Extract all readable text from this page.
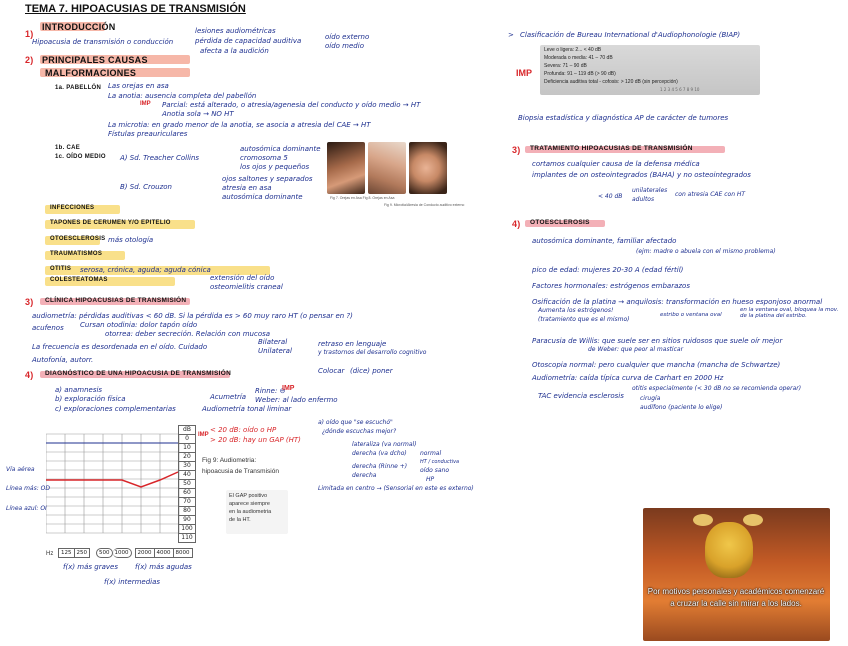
TEMA 7. HIPOACUSIAS DE TRANSMISIÓN
1)
INTRODUCCIÓN
Hipoacusia de transmisión o conducción
lesiones audiométricas
pérdida de capacidad auditiva
afecta a la audición
oído externo
oído medio
2) PRINCIPALES CAUSAS
MALFORMACIONES
1a. PABELLÓN Las orejas en asa
La anotia: ausencia completa del pabellón
IMP Parcial: está alterado, o atresia/agenesia del conducto y oído medio → HT
Anotia sola → NO HT
La microtia: en grado menor de la anotia, se asocia a atresia del CAE → HT
Fístulas preauriculares
1b. CAE
1c. OÍDO MEDIO A) Sd. Treacher Collins
autosómica dominante
cromosoma 5
los ojos y pequeños
B) Sd. Crouzon
ojos saltones y separados
atresia en asa
autosómica dominante	Fig 7. Orejas en Asa Fig 8. Orejas en Asa
Fig 9. Microtia/Atresia de Conducto auditivo externo
INFECCIONES
TAPONES DE CERUMEN Y/O EPITELIO
OTOESCLEROSIS más otología
TRAUMATISMOS
OTITIS serosa, crónica, aguda; aguda cónica
COLESTEATOMAS	extensión del oído
osteomielitis craneal
3) CLÍNICA HIPOACUSIAS DE TRANSMISIÓN
audiometría: pérdidas auditivas < 60 dB. Si la pérdida es > 60 muy raro HT (o pensar en ?)
acufenos Cursan otodinia: dolor tapón oído
otorrea: deber secreción. Relación con mucosa
La frecuencia es desordenada en el oído. Cuidado
Autofonía, autorr.
Bilateral
Unilateral
retraso en lenguaje
y trastornos del desarrollo cognitivo
Colocar (dice) poner
4) DIAGNÓSTICO DE UNA HIPOACUSIA DE TRANSMISIÓN
a) anamnesis
b) exploración física
c) exploraciones complementarias
Acumetría
Rinne: ⊖
Weber: al lado enfermo
IMP
Audiometría tonal liminar
dB
0
10
20
30
40
50
60
70
80
90
100
110
IMP
< 20 dB: oído o HP
> 20 dB: hay un GAP (HT)
Hz	125 250	500 1000	2000 4000 8000
f(x) más graves
f(x) intermedias
f(x) más agudas
Vía aérea
Línea más: OD
Línea azul: OI
Fig 9: Audiometria:
hipoacusia de Transmisión
El GAP positivo
aparece siempre
en la audiometria
de la HT.
a) oído que "se escuchó"
¿dónde escuchas mejor?
lateraliza (va normal)
derecha (va dcho) normal
HT / conductiva
derecha (Rinne +)
derecha
oído sano
HP
Limitada en centro → (Sensorial en este es externo)
> Clasificación de Bureau International d'Audiophonologie (BIAP)
IMP
Leve o ligera: 2... < 40 dB
Moderada o media: 41 – 70 dB
Severa: 71 – 90 dB
Profunda: 91 – 119 dB (> 90 dB)
Deficiencia auditiva total - cofosis: > 120 dB (sin percepción)
1 2 3 4 5 6 7 8 9 10
Biopsia estadística y diagnóstica AP de carácter de tumores
3) TRATAMIENTO HIPOACUSIAS DE TRANSMISIÓN
cortamos cualquier causa de la defensa médica
implantes de on osteointegrados (BAHA) y no osteointegrados
< 40 dB
unilaterales
adultos
con atresia CAE con HT
4) OTOESCLEROSIS
autosómica dominante, familiar afectado
(ejm: madre o abuela con el mismo problema)
pico de edad: mujeres 20-30 A (edad fértil)
Factores hormonales: estrógenos embarazos
Osificación de la platina → anquilosis: transformación en hueso esponjoso anormal
Aumenta los estrógenos!
(tratamiento que es el mismo)
en la ventana oval, bloquea la mov. de la platina del estribo.
estribo o ventana oval
Paracusia de Willis: que suele ser en sitios ruidosos que suele oír mejor
de Weber: que peor al masticar
Otoscopia normal: pero cualquier que mancha (mancha de Schwartze)
Audiometría: caída típica curva de Carhart en 2000 Hz
TAC evidencia esclerosis
otitis especialmente (< 30 dB no se recomienda operar)
cirugía
audífono (paciente lo elige)
Por motivos personales y académicos comenzaré a cruzar la calle sin mirar a los lados.
